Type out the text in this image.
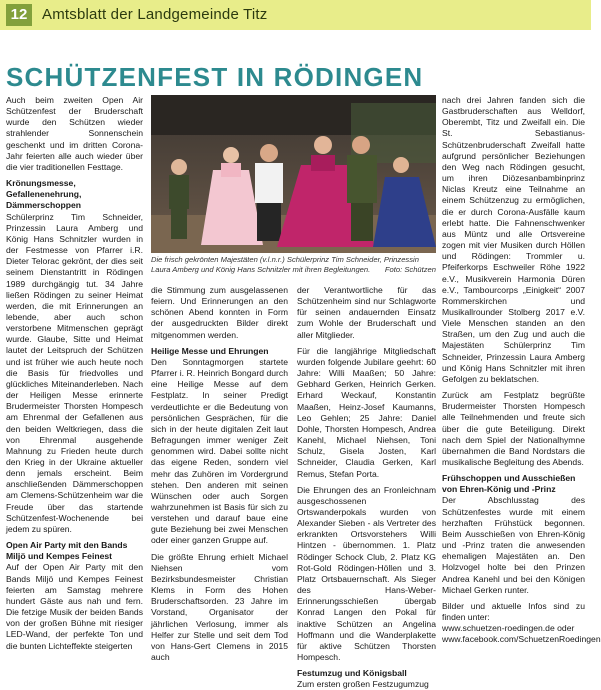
12 Amtsblatt der Landgemeinde Titz
SCHÜTZENFEST IN RÖDINGEN

Auch beim zweiten Open Air Schützenfest der Bruderschaft wurde den Schützen wieder strahlender Sonnenschein geschenkt und im dritten Corona-Jahr feierten alle auch wieder über die vier traditionellen Festtage.

Krönungsmesse, Gefallenenehrung, Dämmerschoppen

Schülerprinz Tim Schneider, Prinzessin Laura Amberg und König Hans Schnitzler wurden in der Festmesse von Pfarrer i.R. Dieter Teloraс gekrönt, der dies seit seinem Dienstantritt in Rödingen 1989 durchgängig tut. 34 Jahre ließen Rödingen zu seiner Heimat werden, die mit Erinnerungen an lebende, aber auch schon verstorbene Mitmenschen geprägt wurde. Glaube, Sitte und Heimat lautet der Leitspruch der Schützen und ist früher wie auch heute noch die Basis für friedvolles und glückliches Miteinanderleben. Nach der Heiligen Messe erinnerte Brudermeister Thorsten Hompesch am Ehrenmal der Gefallenen aus den beiden Weltkriegen, dass die von Ehrenmal ausgehende Mahnung zu Frieden heute durch den Krieg in der Ukraine aktueller denn jemals erscheint. Beim anschließenden Dämmerschoppen am Clemens-Schützenheim war die Freude über das startende Schützenfest-Wochenende bei jedem zu spüren.

Open Air Party mit den Bands Miljö und Kempes Feinest

Auf der Open Air Party mit den Bands Miljö und Kempes Feinest feierten am Samstag mehrere hundert Gäste aus nah und fern. Die fetzige Musik der beiden Bands von der großen Bühne mit riesiger LED-Wand, der perfekte Ton und die bunten Lichteffekte steigerten

Die frisch gekrönten Majestäten (v.l.n.r.) Schülerprinz Tim Schneider, Prinzessin Laura Amberg und König Hans Schnitzler mit ihren Begleitungen. Foto: Schützen

die Stimmung zum ausgelassenen feiern. Und Erinnerungen an den schönen Abend konnten in Form der ausgedruckten Bilder direkt mitgenommen werden.

Heilige Messe und Ehrungen

Den Sonntagmorgen startete Pfarrer i. R. Heinrich Bongard durch eine Heilige Messe auf dem Festplatz. In seiner Predigt verdeutlichte er die Bedeutung von persönlichen Gesprächen, für die sich in der heute digitalen Zeit laut Befragungen immer weniger Zeit genommen wird. Dabei sollte nicht das eigene Reden, sondern viel mehr das Zuhören im Vordergrund stehen. Den anderen mit seinen Wünschen oder auch Sorgen wahrzunehmen ist Basis für sich zu verstehen und darauf baue eine gute Beziehung bei zwei Menschen oder einer ganzen Gruppe auf.

Die größte Ehrung erhielt Michael Niehsen vom Bezirksbundesmeister Christian Klems in Form des Hohen Bruderschaftsorden. 23 Jahre im Vorstand, Organisator der jährlichen Verlosung, immer als Helfer zur Stelle und seit dem Tod von Hans-Gert Clemens in 2015 auch

der Verantwortliche für das Schützenheim sind nur Schlagworte für seinen andauernden Einsatz zum Wohle der Bruderschaft und aller Mitglieder.

Für die langjährige Mitgliedschaft wurden folgende Jubilare geehrt: 60 Jahre: Willi Maaßen; 50 Jahre: Gebhard Gerken, Heinrich Gerken. Erhard Weckauf, Konstantin Maaßen, Heinz-Josef Kaumanns, Leo Gehlen; 25 Jahre: Daniel Dohle, Thorsten Hompesch, Andrea Kanehl, Michael Niehsen, Toni Schulz, Gisela Josten, Karl Schneider, Claudia Gerken, Karl Remus, Stefan Porta.

Die Ehrungen des an Fronleichnam ausgeschossenen Ortswanderpokals wurden von Alexander Sieben - als Vertreter des erkrankten Ortsvorstehers Willi Hintzen - übernommen. 1. Platz Rödinger Schock Club, 2. Platz KG Rot-Gold Rödingen-Höllen und 3. Platz Ortsbauernschaft. Als Sieger des Hans-Weber-Erinnerungsschießen übergab Konrad Langen den Pokal für inaktive Schützen an Angelina Hoffmann und die Wanderplakette für aktive Schützen Thorsten Hompesch.

Festumzug und Königsball

Zum ersten großen Festzugumzug

nach drei Jahren fanden sich die Gastbruderschaften aus Welldorf, Oberembt, Titz und Zweifall ein. Die St. Sebastianus-Schützenbruderschaft Zweifall hatte aufgrund persönlicher Beziehungen den Weg nach Rödingen gesucht, um ihren Diözesanbambinprinz Niclas Kreutz eine Teilnahme an einem Schützenzug zu ermöglichen, die er durch Corona-Ausfälle kaum erlebt hatte. Die Fahnenschwenker aus Müntz und alle Ortsvereine zogen mit vier Musiken durch Höllen und Rödingen: Trommler u. Pfeiferkorps Eschweiler Röhe 1922 e.V., Musikverein Harmonia Düren e.V., Tambourcorps „Einigkeit“ 2007 Rommerskirchen und Musikallrounder Stolberg 2017 e.V. Viele Menschen standen an den Straßen, um den Zug und auch die Majestäten Schülerprinz Tim Schneider, Prinzessin Laura Amberg und König Hans Schnitzler mit ihren Gefolgen zu beklatschen.

Zurück am Festplatz begrüßte Brudermeister Thorsten Hompesch alle Teilnehmenden und freute sich über die gute Beteiligung. Direkt nach dem Spiel der Nationalhymne übernahmen die Band Nordstars die musikalische Begleitung des Abends.

Frühschoppen und Ausschießen von Ehren-König und -Prinz

Der Abschlusstag des Schützenfestes wurde mit einem herzhaften Frühstück begonnen. Beim Ausschießen von Ehren-König und -Prinz traten die anwesenden ehemaligen Majestäten an. Den Holzvogel holte bei den Prinzen Andrea Kanehl und bei den Königen Michael Gerken runter.

Bilder und aktuelle Infos sind zu finden unter:

www.schuetzen-roedingen.de oder
www.facebook.com/SchuetzenRoedingen
